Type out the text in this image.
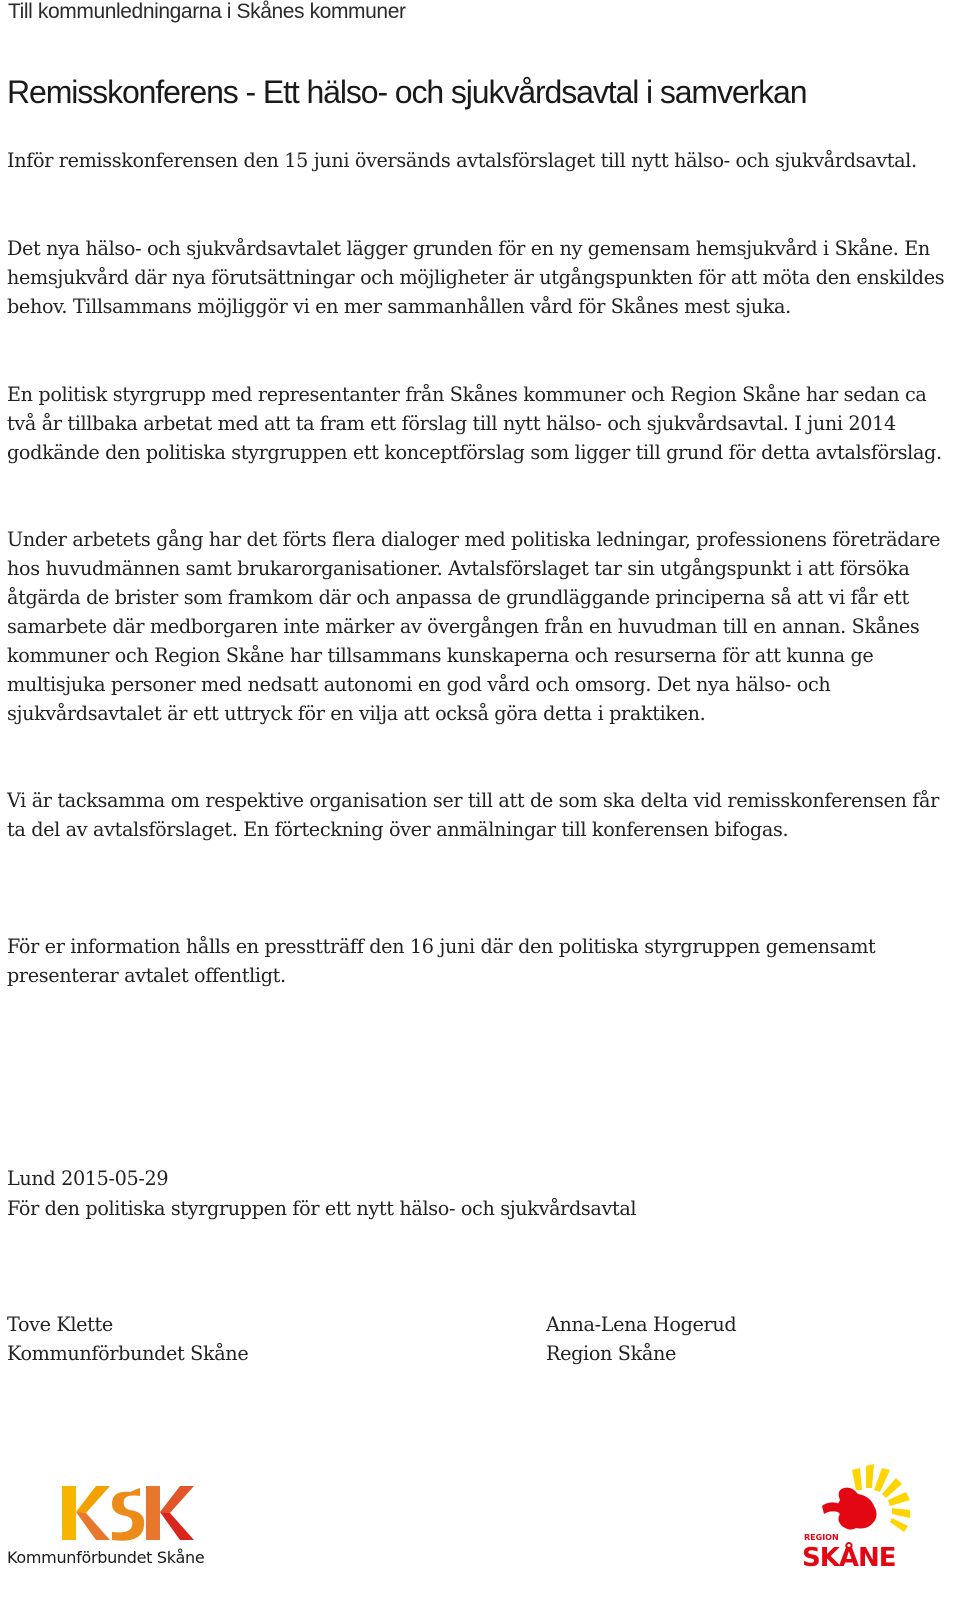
Till kommunledningarna i Skånes kommuner
Remisskonferens - Ett hälso- och sjukvårdsavtal i samverkan

Inför remisskonferensen den 15 juni översänds avtalsförslaget till nytt hälso- och sjukvårdsavtal.

Det nya hälso- och sjukvårdsavtalet lägger grunden för en ny gemensam hemsjukvård i Skåne. En hemsjukvård där nya förutsättningar och möjligheter är utgångspunkten för att möta den enskildes behov. Tillsammans möjliggör vi en mer sammanhållen vård för Skånes mest sjuka.

En politisk styrgrupp med representanter från Skånes kommuner och Region Skåne har sedan ca två år tillbaka arbetat med att ta fram ett förslag till nytt hälso- och sjukvårdsavtal. I juni 2014 godkände den politiska styrgruppen ett konceptförslag som ligger till grund för detta avtalsförslag.

Under arbetets gång har det förts flera dialoger med politiska ledningar, professionens företrädare hos huvudmännen samt brukarorganisationer. Avtalsförslaget tar sin utgångspunkt i att försöka åtgärda de brister som framkom där och anpassa de grundläggande principerna så att vi får ett samarbete där medborgaren inte märker av övergången från en huvudman till en annan. Skånes kommuner och Region Skåne har tillsammans kunskaperna och resurserna för att kunna ge multisjuka personer med nedsatt autonomi en god vård och omsorg. Det nya hälso- och sjukvårdsavtalet är ett uttryck för en vilja att också göra detta i praktiken.

Vi är tacksamma om respektive organisation ser till att de som ska delta vid remisskonferensen får ta del av avtalsförslaget. En förteckning över anmälningar till konferensen bifogas.

För er information hålls en presstträff den 16 juni där den politiska styrgruppen gemensamt presenterar avtalet offentligt.

Lund 2015-05-29

För den politiska styrgruppen för ett nytt hälso- och sjukvårdsavtal

Tove Klette
Kommunförbundet Skåne
Anna-Lena Hogerud
Region Skåne
Kommunförbundet Skåne
REGION
SKÅNE
